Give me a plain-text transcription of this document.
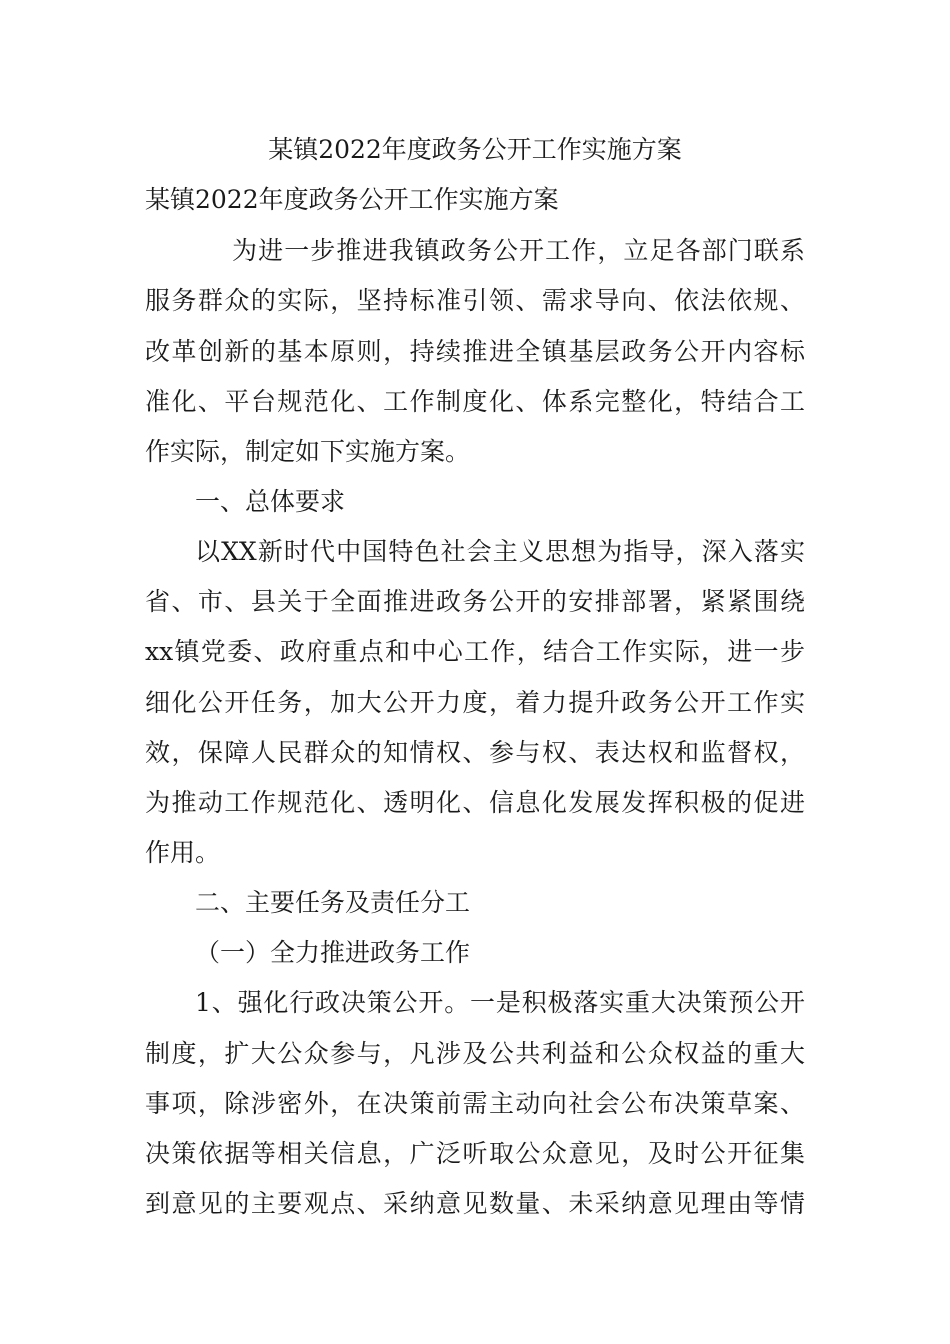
某镇2022年度政务公开工作实施方案
某镇2022年度政务公开工作实施方案
为进一步推进我镇政务公开工作，立足各部门联系
服务群众的实际，坚持标准引领、需求导向、依法依规、
改革创新的基本原则，持续推进全镇基层政务公开内容标
准化、平台规范化、工作制度化、体系完整化，特结合工
作实际，制定如下实施方案。
一、总体要求
以XX新时代中国特色社会主义思想为指导，深入落实
省、市、县关于全面推进政务公开的安排部署，紧紧围绕
xx镇党委、政府重点和中心工作，结合工作实际，进一步
细化公开任务，加大公开力度，着力提升政务公开工作实
效，保障人民群众的知情权、参与权、表达权和监督权，
为推动工作规范化、透明化、信息化发展发挥积极的促进
作用。
二、主要任务及责任分工
（一）全力推进政务工作
1、强化行政决策公开。一是积极落实重大决策预公开
制度，扩大公众参与，凡涉及公共利益和公众权益的重大
事项，除涉密外，在决策前需主动向社会公布决策草案、
决策依据等相关信息，广泛听取公众意见，及时公开征集
到意见的主要观点、采纳意见数量、未采纳意见理由等情
